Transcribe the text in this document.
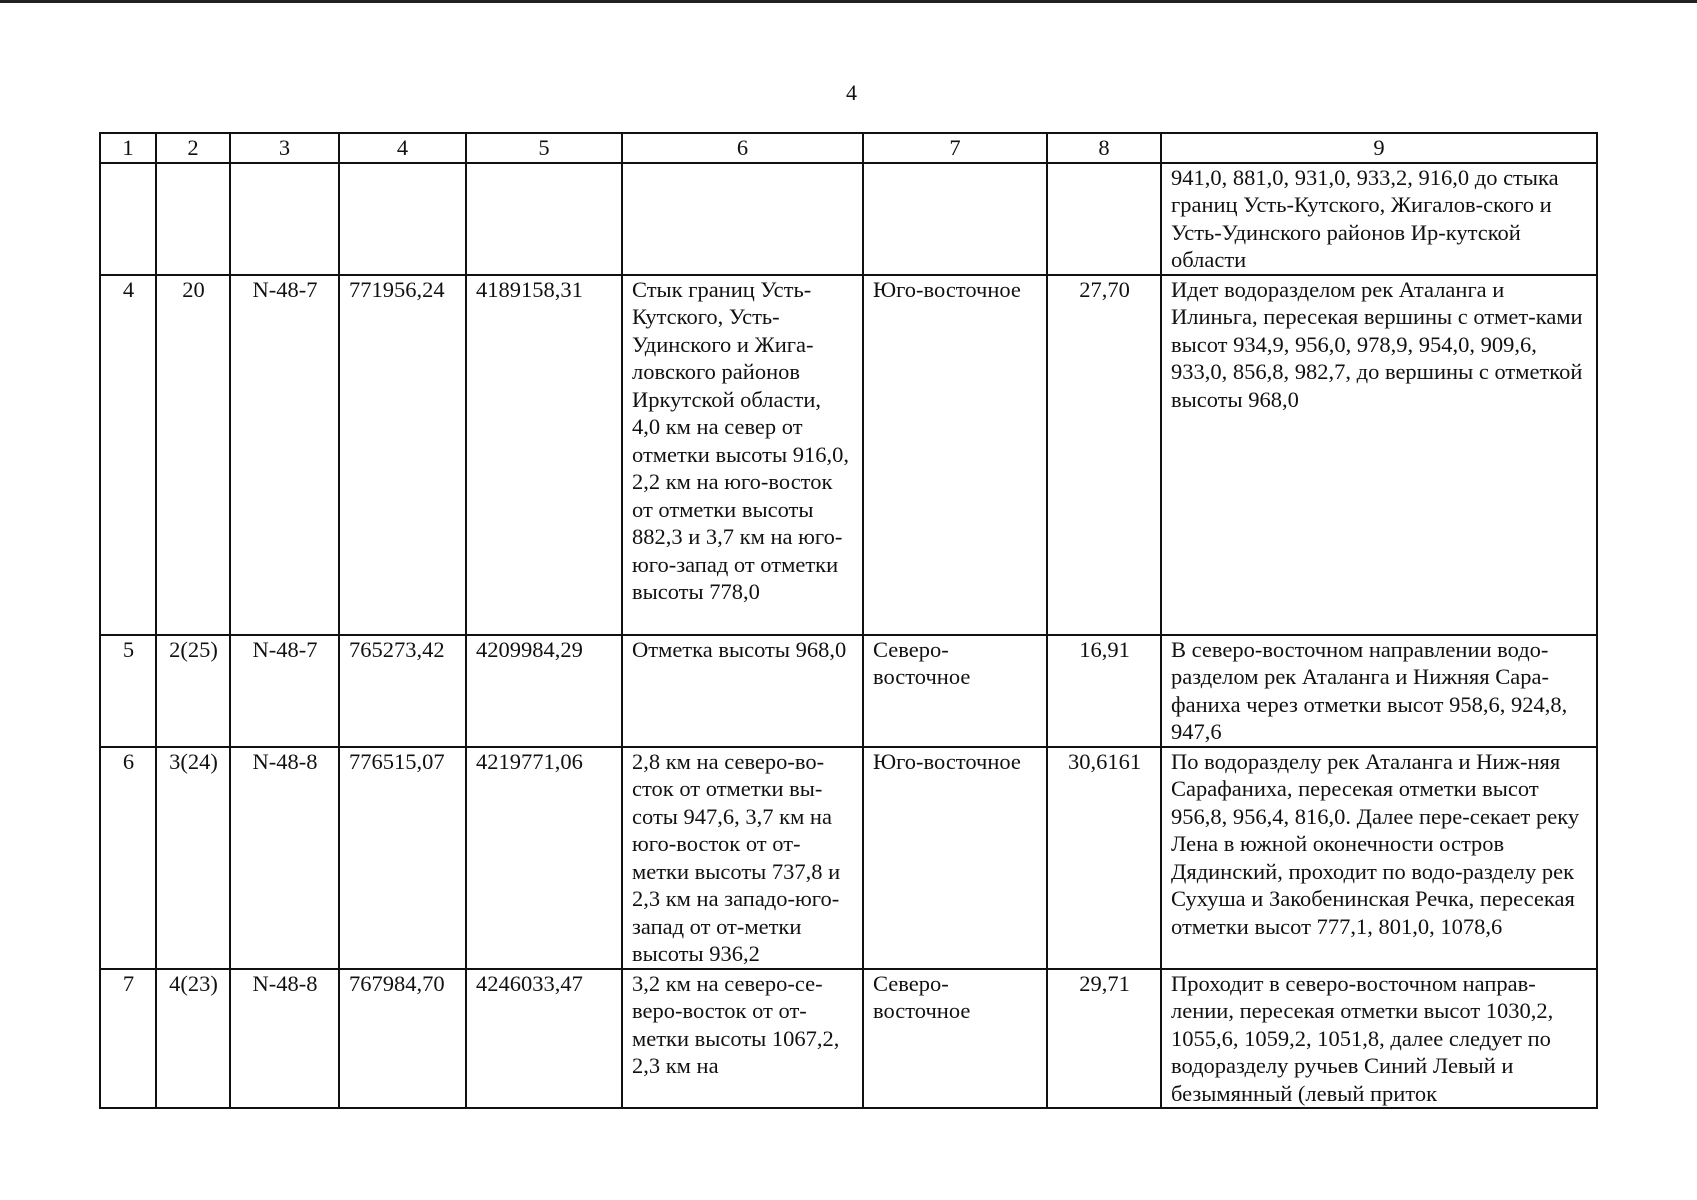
4
1	2	3	4	5	6	7	8	9
								941,0, 881,0, 931,0, 933,2, 916,0 до стыка границ Усть-Кутского, Жигалов-ского и Усть-Удинского районов Ир-кутской области
4	20	N-48-7	771956,24	4189158,31	Стык границ Усть-Кутского, Усть-Удинского и Жига-ловского районов Иркутской области, 4,0 км на север от отметки высоты 916,0, 2,2 км на юго-восток от отметки высоты 882,3 и 3,7 км на юго-юго-запад от отметки высоты 778,0	Юго-восточное	27,70	Идет водоразделом рек Аталанга и Илиньга, пересекая вершины с отмет-ками высот 934,9, 956,0, 978,9, 954,0, 909,6, 933,0, 856,8, 982,7, до вершины с отметкой высоты 968,0
5	2(25)	N-48-7	765273,42	4209984,29	Отметка высоты 968,0	Северо-восточное	16,91	В северо-восточном направлении водо-разделом рек Аталанга и Нижняя Сара-фаниха через отметки высот 958,6, 924,8, 947,6
6	3(24)	N-48-8	776515,07	4219771,06	2,8 км на северо-во-сток от отметки вы-соты 947,6, 3,7 км на юго-восток от от-метки высоты 737,8 и 2,3 км на западо-юго-запад от от-метки высоты 936,2	Юго-восточное	30,6161	По водоразделу рек Аталанга и Ниж-няя Сарафаниха, пересекая отметки высот 956,8, 956,4, 816,0. Далее пере-секает реку Лена в южной оконечности остров Дядинский, проходит по водо-разделу рек Сухуша и Закобенинская Речка, пересекая отметки высот 777,1, 801,0, 1078,6
7	4(23)	N-48-8	767984,70	4246033,47	3,2 км на северо-се-веро-восток от от-метки высоты 1067,2, 2,3 км на	Северо-восточное	29,71	Проходит в северо-восточном направ-лении, пересекая отметки высот 1030,2, 1055,6, 1059,2, 1051,8, далее следует по водоразделу ручьев Синий Левый и безымянный (левый приток
